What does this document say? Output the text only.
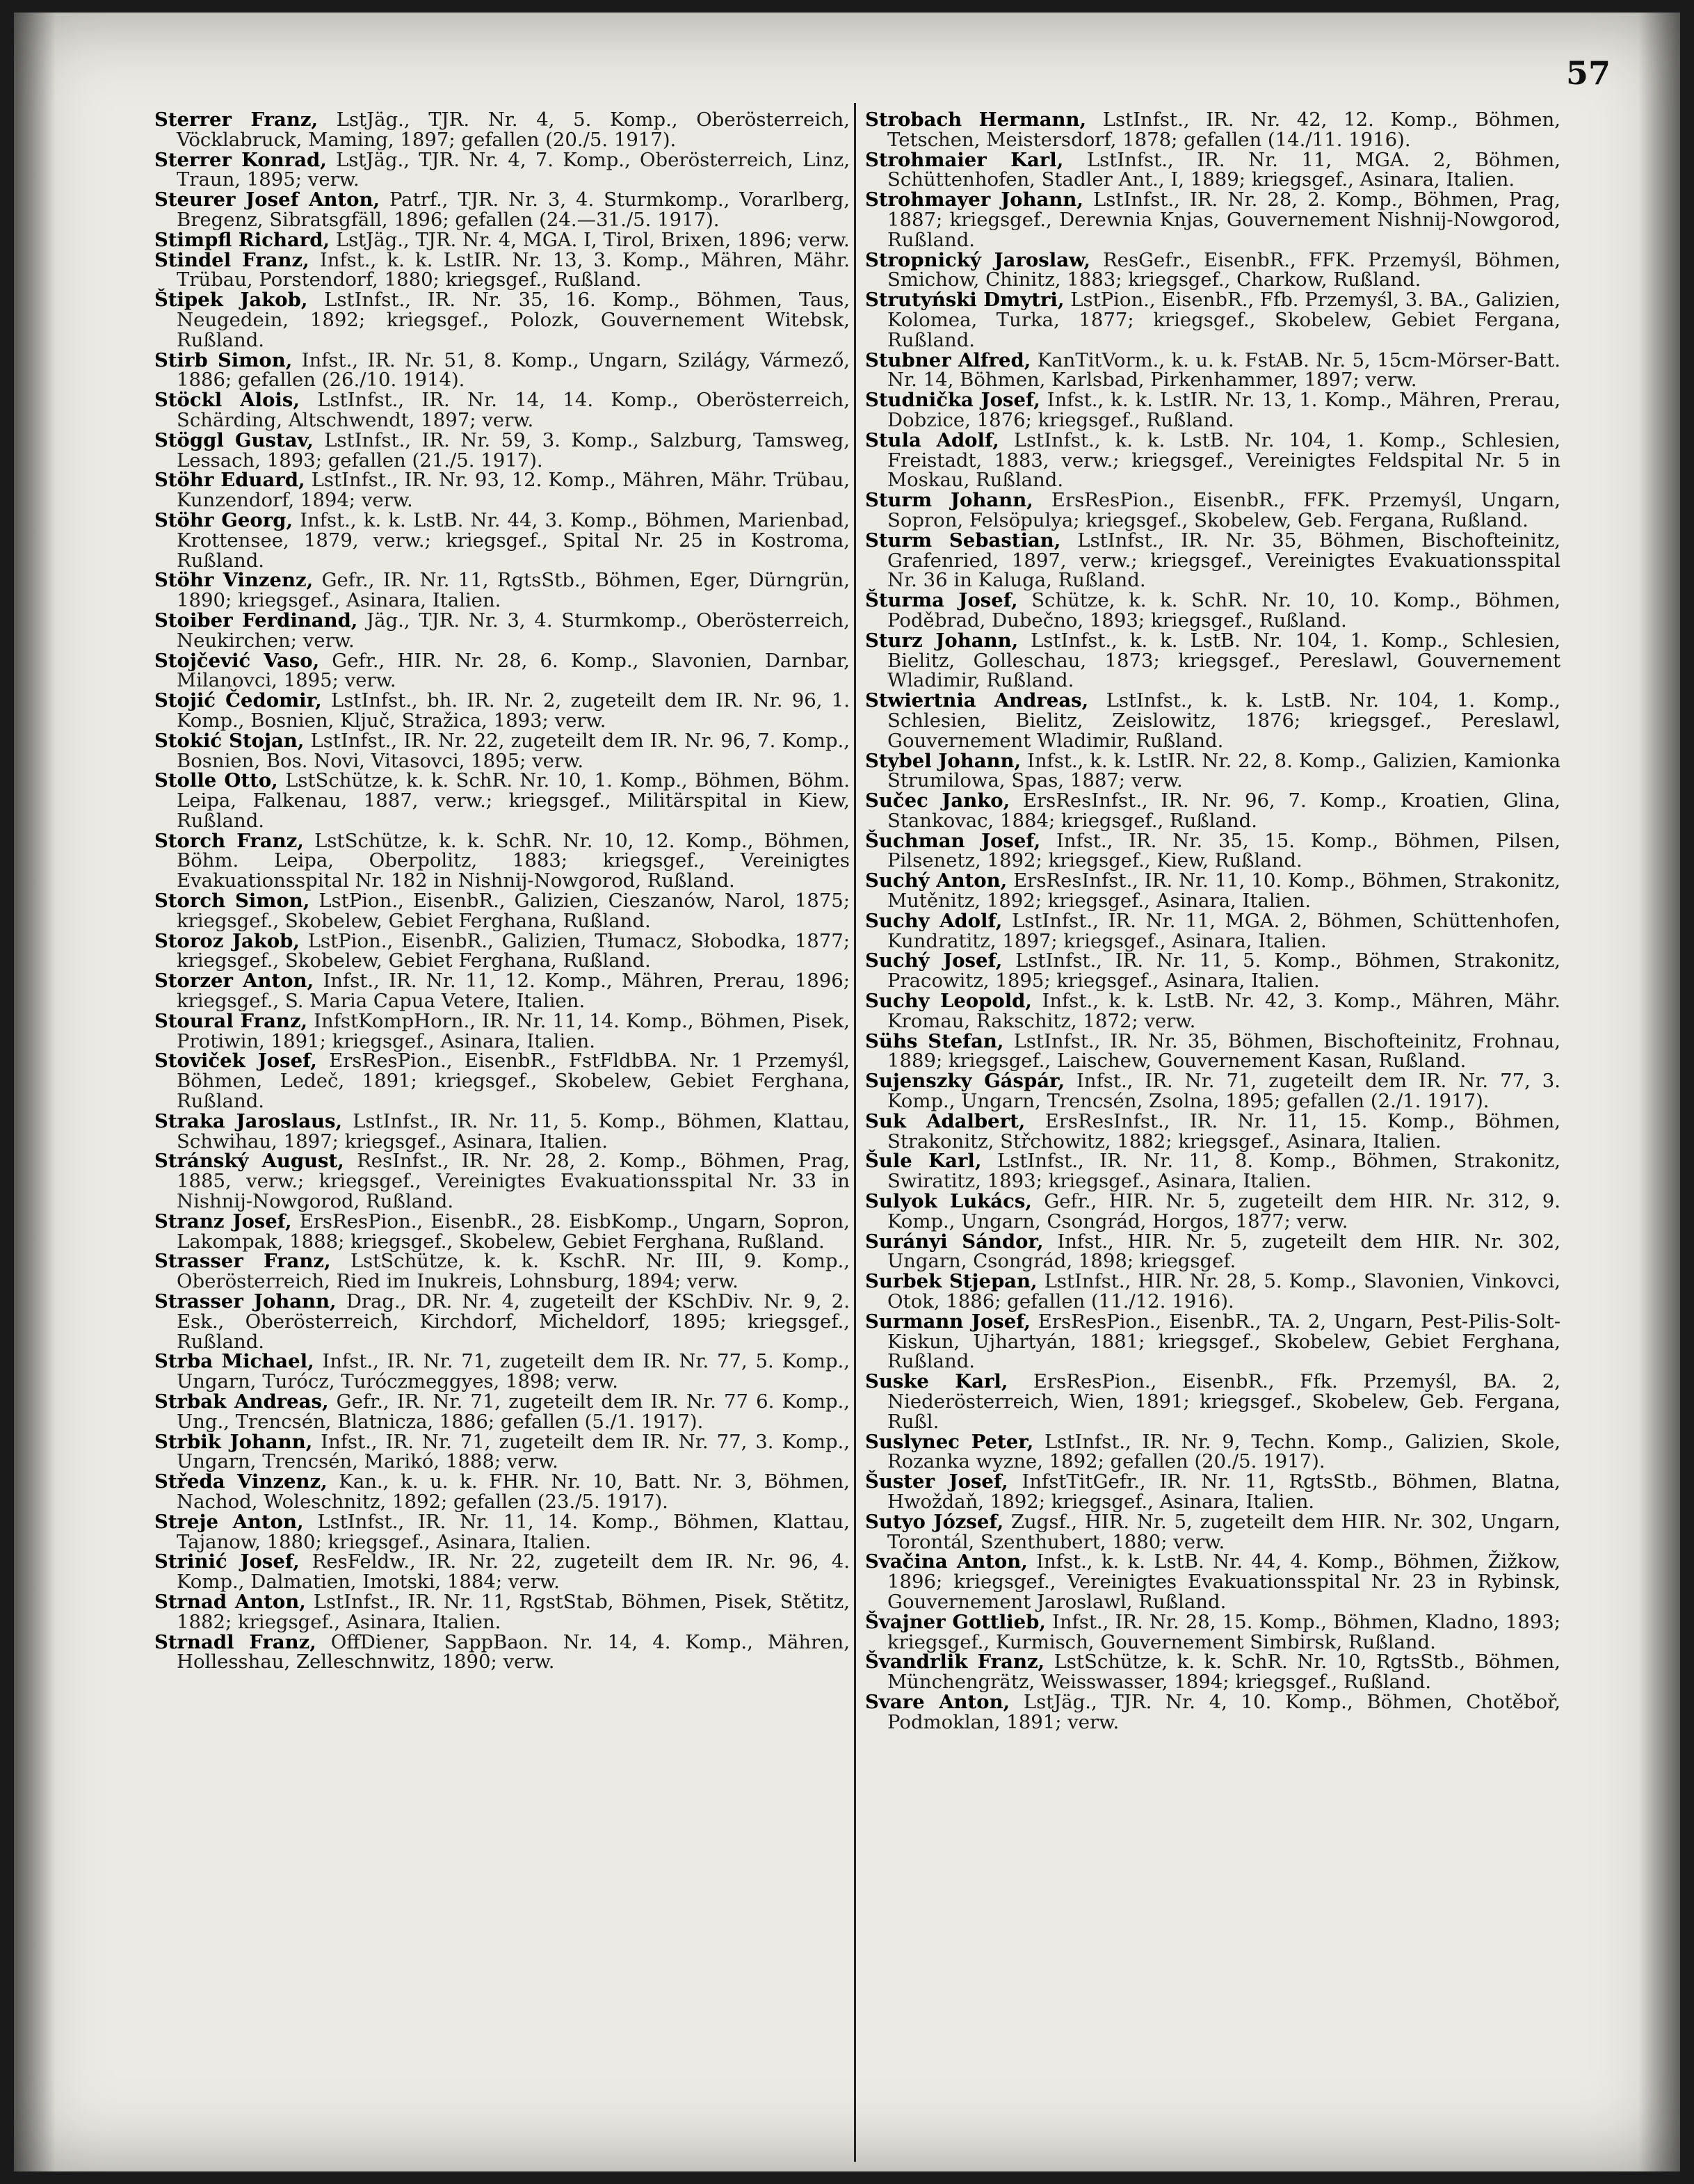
57

Sterrer Franz, LstJäg., TJR. Nr. 4, 5. Komp., Oberösterreich, Vöcklabruck, Maming, 1897; gefallen (20./5. 1917).

Sterrer Konrad, LstJäg., TJR. Nr. 4, 7. Komp., Oberösterreich, Linz, Traun, 1895; verw.

Steurer Josef Anton, Patrf., TJR. Nr. 3, 4. Sturmkomp., Vorarlberg, Bregenz, Sibratsgfäll, 1896; gefallen (24.—31./5. 1917).

Stimpfl Richard, LstJäg., TJR. Nr. 4, MGA. I, Tirol, Brixen, 1896; verw.

Stindel Franz, Infst., k. k. LstIR. Nr. 13, 3. Komp., Mähren, Mähr. Trübau, Porstendorf, 1880; kriegsgef., Rußland.

Štipek Jakob, LstInfst., IR. Nr. 35, 16. Komp., Böhmen, Taus, Neugedein, 1892; kriegsgef., Polozk, Gouvernement Witebsk, Rußland.

Stirb Simon, Infst., IR. Nr. 51, 8. Komp., Ungarn, Szilágy, Vármező, 1886; gefallen (26./10. 1914).

Stöckl Alois, LstInfst., IR. Nr. 14, 14. Komp., Oberösterreich, Schärding, Altschwendt, 1897; verw.

Stöggl Gustav, LstInfst., IR. Nr. 59, 3. Komp., Salzburg, Tamsweg, Lessach, 1893; gefallen (21./5. 1917).

Stöhr Eduard, LstInfst., IR. Nr. 93, 12. Komp., Mähren, Mähr. Trübau, Kunzendorf, 1894; verw.

Stöhr Georg, Infst., k. k. LstB. Nr. 44, 3. Komp., Böhmen, Marienbad, Krottensee, 1879, verw.; kriegsgef., Spital Nr. 25 in Kostroma, Rußland.

Stöhr Vinzenz, Gefr., IR. Nr. 11, RgtsStb., Böhmen, Eger, Dürngrün, 1890; kriegsgef., Asinara, Italien.

Stoiber Ferdinand, Jäg., TJR. Nr. 3, 4. Sturmkomp., Oberösterreich, Neukirchen; verw.

Stojčević Vaso, Gefr., HIR. Nr. 28, 6. Komp., Slavonien, Darnbar, Milanovci, 1895; verw.

Stojić Čedomir, LstInfst., bh. IR. Nr. 2, zugeteilt dem IR. Nr. 96, 1. Komp., Bosnien, Ključ, Stražica, 1893; verw.

Stokić Stojan, LstInfst., IR. Nr. 22, zugeteilt dem IR. Nr. 96, 7. Komp., Bosnien, Bos. Novi, Vitasovci, 1895; verw.

Stolle Otto, LstSchütze, k. k. SchR. Nr. 10, 1. Komp., Böhmen, Böhm. Leipa, Falkenau, 1887, verw.; kriegsgef., Militärspital in Kiew, Rußland.

Storch Franz, LstSchütze, k. k. SchR. Nr. 10, 12. Komp., Böhmen, Böhm. Leipa, Oberpolitz, 1883; kriegsgef., Vereinigtes Evakuationsspital Nr. 182 in Nishnij-Nowgorod, Rußland.

Storch Simon, LstPion., EisenbR., Galizien, Cieszanów, Narol, 1875; kriegsgef., Skobelew, Gebiet Ferghana, Rußland.

Storoz Jakob, LstPion., EisenbR., Galizien, Tłumacz, Słobodka, 1877; kriegsgef., Skobelew, Gebiet Ferghana, Rußland.

Storzer Anton, Infst., IR. Nr. 11, 12. Komp., Mähren, Prerau, 1896; kriegsgef., S. Maria Capua Vetere, Italien.

Stoural Franz, InfstKompHorn., IR. Nr. 11, 14. Komp., Böhmen, Pisek, Protiwin, 1891; kriegsgef., Asinara, Italien.

Stoviček Josef, ErsResPion., EisenbR., FstFldbBA. Nr. 1 Przemyśl, Böhmen, Ledeč, 1891; kriegsgef., Skobelew, Gebiet Ferghana, Rußland.

Straka Jaroslaus, LstInfst., IR. Nr. 11, 5. Komp., Böhmen, Klattau, Schwihau, 1897; kriegsgef., Asinara, Italien.

Stránský August, ResInfst., IR. Nr. 28, 2. Komp., Böhmen, Prag, 1885, verw.; kriegsgef., Vereinigtes Evakuationsspital Nr. 33 in Nishnij-Nowgorod, Rußland.

Stranz Josef, ErsResPion., EisenbR., 28. EisbKomp., Ungarn, Sopron, Lakompak, 1888; kriegsgef., Skobelew, Gebiet Ferghana, Rußland.

Strasser Franz, LstSchütze, k. k. KschR. Nr. III, 9. Komp., Oberösterreich, Ried im Inukreis, Lohnsburg, 1894; verw.

Strasser Johann, Drag., DR. Nr. 4, zugeteilt der KSchDiv. Nr. 9, 2. Esk., Oberösterreich, Kirchdorf, Micheldorf, 1895; kriegsgef., Rußland.

Strba Michael, Infst., IR. Nr. 71, zugeteilt dem IR. Nr. 77, 5. Komp., Ungarn, Turócz, Turóczmeggyes, 1898; verw.

Strbak Andreas, Gefr., IR. Nr. 71, zugeteilt dem IR. Nr. 77 6. Komp., Ung., Trencsén, Blatnicza, 1886; gefallen (5./1. 1917).

Strbik Johann, Infst., IR. Nr. 71, zugeteilt dem IR. Nr. 77, 3. Komp., Ungarn, Trencsén, Marikó, 1888; verw.

Středa Vinzenz, Kan., k. u. k. FHR. Nr. 10, Batt. Nr. 3, Böhmen, Nachod, Woleschnitz, 1892; gefallen (23./5. 1917).

Streje Anton, LstInfst., IR. Nr. 11, 14. Komp., Böhmen, Klattau, Tajanow, 1880; kriegsgef., Asinara, Italien.

Strinić Josef, ResFeldw., IR. Nr. 22, zugeteilt dem IR. Nr. 96, 4. Komp., Dalmatien, Imotski, 1884; verw.

Strnad Anton, LstInfst., IR. Nr. 11, RgstStab, Böhmen, Pisek, Stětitz, 1882; kriegsgef., Asinara, Italien.

Strnadl Franz, OffDiener, SappBaon. Nr. 14, 4. Komp., Mähren, Hollesshau, Zelleschnwitz, 1890; verw.

Strobach Hermann, LstInfst., IR. Nr. 42, 12. Komp., Böhmen, Tetschen, Meistersdorf, 1878; gefallen (14./11. 1916).

Strohmaier Karl, LstInfst., IR. Nr. 11, MGA. 2, Böhmen, Schüttenhofen, Stadler Ant., I, 1889; kriegsgef., Asinara, Italien.

Strohmayer Johann, LstInfst., IR. Nr. 28, 2. Komp., Böhmen, Prag, 1887; kriegsgef., Derewnia Knjas, Gouvernement Nishnij-Nowgorod, Rußland.

Stropnický Jaroslaw, ResGefr., EisenbR., FFK. Przemyśl, Böhmen, Smichow, Chinitz, 1883; kriegsgef., Charkow, Rußland.

Strutyński Dmytri, LstPion., EisenbR., Ffb. Przemyśl, 3. BA., Galizien, Kolomea, Turka, 1877; kriegsgef., Skobelew, Gebiet Fergana, Rußland.

Stubner Alfred, KanTitVorm., k. u. k. FstAB. Nr. 5, 15cm-Mörser-Batt. Nr. 14, Böhmen, Karlsbad, Pirkenhammer, 1897; verw.

Studnička Josef, Infst., k. k. LstIR. Nr. 13, 1. Komp., Mähren, Prerau, Dobzice, 1876; kriegsgef., Rußland.

Stula Adolf, LstInfst., k. k. LstB. Nr. 104, 1. Komp., Schlesien, Freistadt, 1883, verw.; kriegsgef., Vereinigtes Feldspital Nr. 5 in Moskau, Rußland.

Sturm Johann, ErsResPion., EisenbR., FFK. Przemyśl, Ungarn, Sopron, Felsöpulya; kriegsgef., Skobelew, Geb. Fergana, Rußland.

Sturm Sebastian, LstInfst., IR. Nr. 35, Böhmen, Bischofteinitz, Grafenried, 1897, verw.; kriegsgef., Vereinigtes Evakuationsspital Nr. 36 in Kaluga, Rußland.

Šturma Josef, Schütze, k. k. SchR. Nr. 10, 10. Komp., Böhmen, Poděbrad, Dubečno, 1893; kriegsgef., Rußland.

Sturz Johann, LstInfst., k. k. LstB. Nr. 104, 1. Komp., Schlesien, Bielitz, Golleschau, 1873; kriegsgef., Pereslawl, Gouvernement Wladimir, Rußland.

Stwiertnia Andreas, LstInfst., k. k. LstB. Nr. 104, 1. Komp., Schlesien, Bielitz, Zeislowitz, 1876; kriegsgef., Pereslawl, Gouvernement Wladimir, Rußland.

Stybel Johann, Infst., k. k. LstIR. Nr. 22, 8. Komp., Galizien, Kamionka Strumilowa, Spas, 1887; verw.

Sučec Janko, ErsResInfst., IR. Nr. 96, 7. Komp., Kroatien, Glina, Stankovac, 1884; kriegsgef., Rußland.

Šuchman Josef, Infst., IR. Nr. 35, 15. Komp., Böhmen, Pilsen, Pilsenetz, 1892; kriegsgef., Kiew, Rußland.

Suchý Anton, ErsResInfst., IR. Nr. 11, 10. Komp., Böhmen, Strakonitz, Mutěnitz, 1892; kriegsgef., Asinara, Italien.

Suchy Adolf, LstInfst., IR. Nr. 11, MGA. 2, Böhmen, Schüttenhofen, Kundratitz, 1897; kriegsgef., Asinara, Italien.

Suchý Josef, LstInfst., IR. Nr. 11, 5. Komp., Böhmen, Strakonitz, Pracowitz, 1895; kriegsgef., Asinara, Italien.

Suchy Leopold, Infst., k. k. LstB. Nr. 42, 3. Komp., Mähren, Mähr. Kromau, Rakschitz, 1872; verw.

Sühs Stefan, LstInfst., IR. Nr. 35, Böhmen, Bischofteinitz, Frohnau, 1889; kriegsgef., Laischew, Gouvernement Kasan, Rußland.

Sujenszky Gáspár, Infst., IR. Nr. 71, zugeteilt dem IR. Nr. 77, 3. Komp., Ungarn, Trencsén, Zsolna, 1895; gefallen (2./1. 1917).

Suk Adalbert, ErsResInfst., IR. Nr. 11, 15. Komp., Böhmen, Strakonitz, Střchowitz, 1882; kriegsgef., Asinara, Italien.

Šule Karl, LstInfst., IR. Nr. 11, 8. Komp., Böhmen, Strakonitz, Swiratitz, 1893; kriegsgef., Asinara, Italien.

Sulyok Lukács, Gefr., HIR. Nr. 5, zugeteilt dem HIR. Nr. 312, 9. Komp., Ungarn, Csongrád, Horgos, 1877; verw.

Surányi Sándor, Infst., HIR. Nr. 5, zugeteilt dem HIR. Nr. 302, Ungarn, Csongrád, 1898; kriegsgef.

Surbek Stjepan, LstInfst., HIR. Nr. 28, 5. Komp., Slavonien, Vinkovci, Otok, 1886; gefallen (11./12. 1916).

Surmann Josef, ErsResPion., EisenbR., TA. 2, Ungarn, Pest-Pilis-Solt-Kiskun, Ujhartyán, 1881; kriegsgef., Skobelew, Gebiet Ferghana, Rußland.

Suske Karl, ErsResPion., EisenbR., Ffk. Przemyśl, BA. 2, Niederösterreich, Wien, 1891; kriegsgef., Skobelew, Geb. Fergana, Rußl.

Suslynec Peter, LstInfst., IR. Nr. 9, Techn. Komp., Galizien, Skole, Rozanka wyzne, 1892; gefallen (20./5. 1917).

Šuster Josef, InfstTitGefr., IR. Nr. 11, RgtsStb., Böhmen, Blatna, Hwoždaň, 1892; kriegsgef., Asinara, Italien.

Sutyo József, Zugsf., HIR. Nr. 5, zugeteilt dem HIR. Nr. 302, Ungarn, Torontál, Szenthubert, 1880; verw.

Svačina Anton, Infst., k. k. LstB. Nr. 44, 4. Komp., Böhmen, Žižkow, 1896; kriegsgef., Vereinigtes Evakuationsspital Nr. 23 in Rybinsk, Gouvernement Jaroslawl, Rußland.

Švajner Gottlieb, Infst., IR. Nr. 28, 15. Komp., Böhmen, Kladno, 1893; kriegsgef., Kurmisch, Gouvernement Simbirsk, Rußland.

Švandrlik Franz, LstSchütze, k. k. SchR. Nr. 10, RgtsStb., Böhmen, Münchengrätz, Weisswasser, 1894; kriegsgef., Rußland.

Svare Anton, LstJäg., TJR. Nr. 4, 10. Komp., Böhmen, Chotěboř, Podmoklan, 1891; verw.
